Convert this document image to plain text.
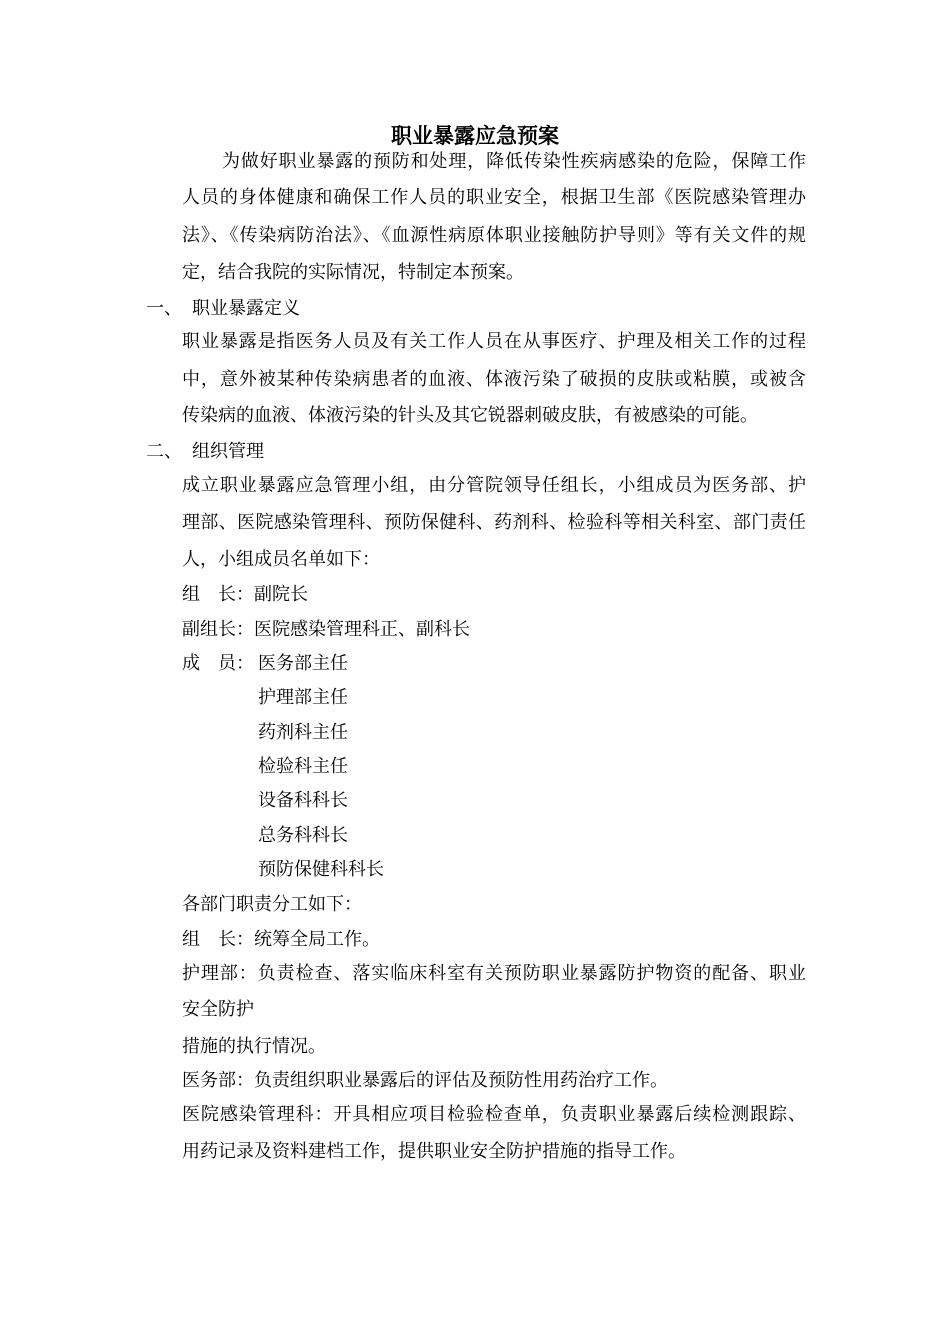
职业暴露应急预案
为做好职业暴露的预防和处理，降低传染性疾病感染的危险，保障工作
人员的身体健康和确保工作人员的职业安全，根据卫生部《医院感染管理办
法》、《传染病防治法》、《血源性病原体职业接触防护导则》等有关文件的规
定，结合我院的实际情况，特制定本预案。
一、 职业暴露定义
职业暴露是指医务人员及有关工作人员在从事医疗、护理及相关工作的过程
中，意外被某种传染病患者的血液、体液污染了破损的皮肤或粘膜，或被含
传染病的血液、体液污染的针头及其它锐器刺破皮肤，有被感染的可能。
二、 组织管理
成立职业暴露应急管理小组，由分管院领导任组长，小组成员为医务部、护
理部、医院感染管理科、预防保健科、药剂科、检验科等相关科室、部门责任
人，小组成员名单如下：
组　长：副院长
副组长：医院感染管理科正、副科长
成　员： 医务部主任
护理部主任
药剂科主任
检验科主任
设备科科长
总务科科长
预防保健科科长
各部门职责分工如下：
组　长：统筹全局工作。
护理部：负责检查、落实临床科室有关预防职业暴露防护物资的配备、职业
安全防护
措施的执行情况。
医务部：负责组织职业暴露后的评估及预防性用药治疗工作。
医院感染管理科：开具相应项目检验检查单，负责职业暴露后续检测跟踪、
用药记录及资料建档工作，提供职业安全防护措施的指导工作。
